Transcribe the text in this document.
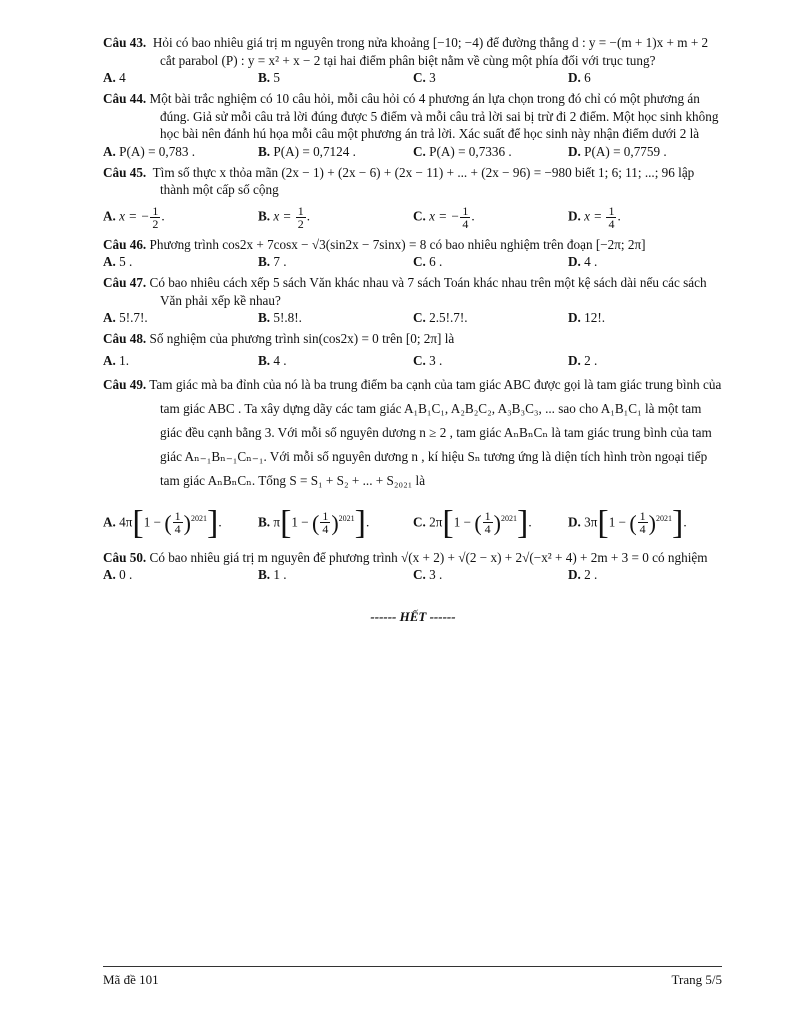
Câu 43. Hỏi có bao nhiêu giá trị m nguyên trong nửa khoảng [−10; −4) để đường thẳng d : y = −(m + 1)x + m + 2 cắt parabol (P) : y = x² + x − 2 tại hai điểm phân biệt nằm về cùng một phía đối với trục tung?
A. 4	B. 5	C. 3	D. 6
Câu 44. Một bài trắc nghiệm có 10 câu hỏi, mỗi câu hỏi có 4 phương án lựa chọn trong đó chỉ có một phương án đúng. Giả sử mỗi câu trả lời đúng được 5 điểm và mỗi câu trả lời sai bị trừ đi 2 điểm. Một học sinh không học bài nên đánh hú họa mỗi câu một phương án trả lời. Xác suất để học sinh này nhận điểm dưới 2 là
A. P(A) = 0,783 .	B. P(A) = 0,7124 .	C. P(A) = 0,7336 .	D. P(A) = 0,7759 .
Câu 45. Tìm số thực x thỏa mãn (2x − 1) + (2x − 6) + (2x − 11) + ... + (2x − 96) = −980 biết 1; 6; 11; ...; 96 lập thành một cấp số cộng
A. x = − $\frac{1}{2}$ .	B. $x = \frac{1}{2}$ .	C. x = − $\frac{1}{4}$ .	D. $x = \frac{1}{4}$ .
Câu 46. Phương trình cos2x + 7cosx − √3(sin2x − 7sinx) = 8 có bao nhiêu nghiệm trên đoạn [−2π; 2π]
A. 5 .	B. 7 .	C. 6 .	D. 4 .
Câu 47. Có bao nhiêu cách xếp 5 sách Văn khác nhau và 7 sách Toán khác nhau trên một kệ sách dài nếu các sách Văn phải xếp kề nhau?
A. 5!.7!.	B. 5!.8!.	C. 2.5!.7!.	D. 12!.
Câu 48. Số nghiệm của phương trình sin(cos2x) = 0 trên [0; 2π] là
A. 1.	B. 4 .	C. 3 .	D. 2 .
Câu 49. Tam giác mà ba đỉnh của nó là ba trung điểm ba cạnh của tam giác ABC được gọi là tam giác trung bình của tam giác ABC . Ta xây dựng dãy các tam giác A₁B₁C₁, A₂B₂C₂, A₃B₃C₃, ... sao cho A₁B₁C₁ là một tam giác đều cạnh bằng 3. Với mỗi số nguyên dương n ≥ 2 , tam giác AₙBₙCₙ là tam giác trung bình của tam giác Aₙ₋₁Bₙ₋₁Cₙ₋₁. Với mỗi số nguyên dương n , kí hiệu Sₙ tương ứng là diện tích hình tròn ngoại tiếp tam giác AₙBₙCₙ. Tổng S = S₁ + S₂ + ... + S₂₀₂₁ là
A. 4π[1 − ( $\frac{1}{4} )^{2021}$].	B. π[1 − ( $\frac{1}{4} )^{2021}$].	C. 2π[1 − ( $\frac{1}{4} )^{2021}$].	D. 3π[1 − ( $\frac{1}{4} )^{2021}$].
Câu 50. Có bao nhiêu giá trị m nguyên để phương trình √(x + 2) + √(2 − x) + 2√(−x² + 4) + 2m + 3 = 0 có nghiệm
A. 0 .	B. 1 .	C. 3 .	D. 2 .
------ HẾT ------
Mã đề 101	Trang 5/5
